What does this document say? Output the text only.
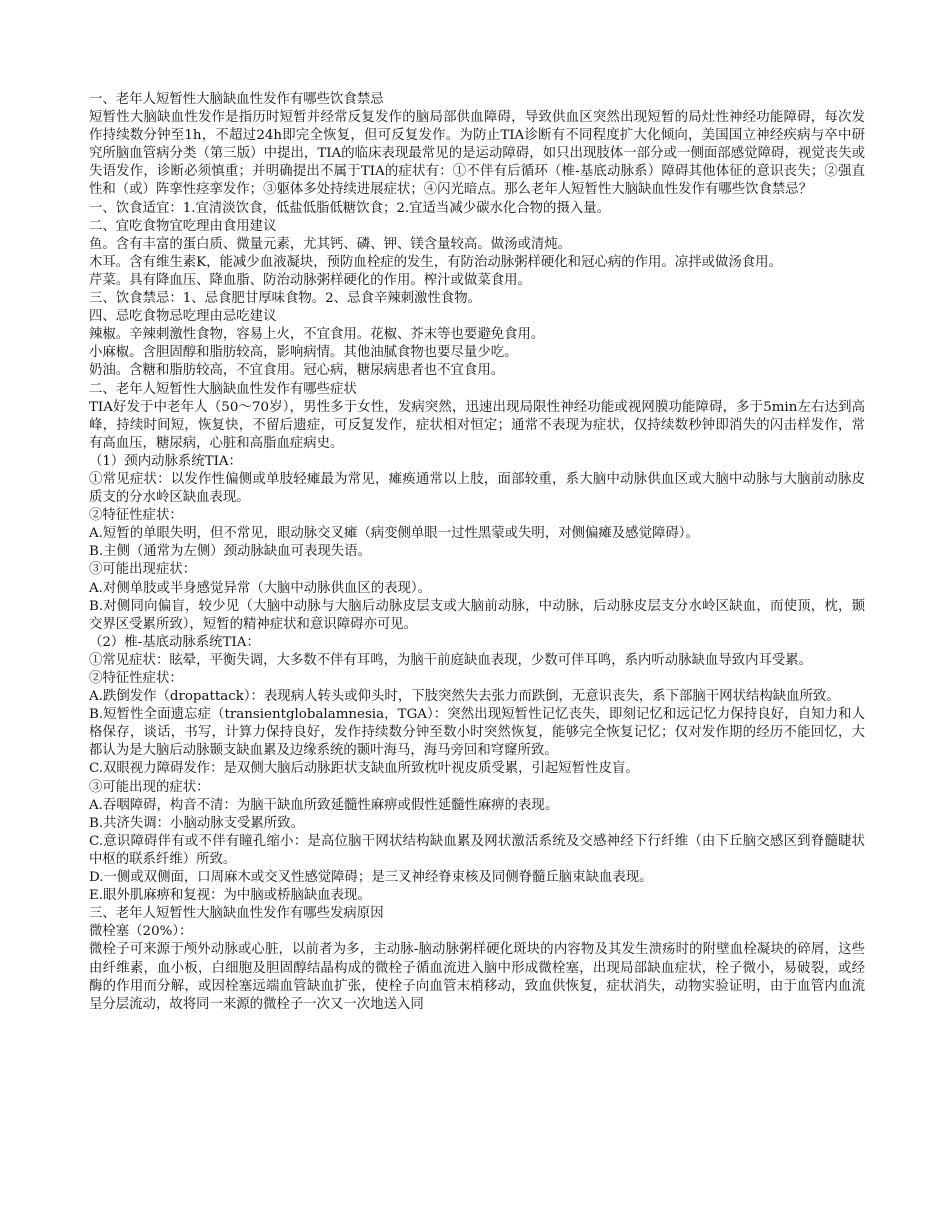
一、老年人短暂性大脑缺血性发作有哪些饮食禁忌

短暂性大脑缺血性发作是指历时短暂并经常反复发作的脑局部供血障碍，导致供血区突然出现短暂的局灶性神经功能障碍，每次发作持续数分钟至1h，不超过24h即完全恢复，但可反复发作。为防止TIA诊断有不同程度扩大化倾向，美国国立神经疾病与卒中研究所脑血管病分类（第三版）中提出，TIA的临床表现最常见的是运动障碍，如只出现肢体一部分或一侧面部感觉障碍，视觉丧失或失语发作，诊断必须慎重；并明确提出不属于TIA的症状有：①不伴有后循环（椎-基底动脉系）障碍其他体征的意识丧失；②强直性和（或）阵挛性痉挛发作；③躯体多处持续进展症状；④闪光暗点。那么老年人短暂性大脑缺血性发作有哪些饮食禁忌？

一、饮食适宜：1.宜清淡饮食，低盐低脂低糖饮食；2.宜适当减少碳水化合物的摄入量。

二、宜吃食物宜吃理由食用建议

鱼。含有丰富的蛋白质、微量元素，尤其钙、磷、钾、镁含量较高。做汤或清炖。

木耳。含有维生素K，能减少血液凝块，预防血栓症的发生，有防治动脉粥样硬化和冠心病的作用。凉拌或做汤食用。

芹菜。具有降血压、降血脂、防治动脉粥样硬化的作用。榨汁或做菜食用。

三、饮食禁忌：1、忌食肥甘厚味食物。2、忌食辛辣刺激性食物。

四、忌吃食物忌吃理由忌吃建议

辣椒。辛辣刺激性食物，容易上火，不宜食用。花椒、芥末等也要避免食用。

小麻椒。含胆固醇和脂肪较高，影响病情。其他油腻食物也要尽量少吃。

奶油。含糖和脂肪较高，不宜食用。冠心病，糖尿病患者也不宜食用。

二、老年人短暂性大脑缺血性发作有哪些症状

TIA好发于中老年人（50～70岁），男性多于女性，发病突然，迅速出现局限性神经功能或视网膜功能障碍，多于5min左右达到高峰，持续时间短，恢复快，不留后遗症，可反复发作，症状相对恒定；通常不表现为症状，仅持续数秒钟即消失的闪击样发作，常有高血压，糖尿病，心脏和高脂血症病史。

（1）颈内动脉系统TIA：

①常见症状：以发作性偏侧或单肢轻瘫最为常见，瘫痪通常以上肢，面部较重，系大脑中动脉供血区或大脑中动脉与大脑前动脉皮质支的分水岭区缺血表现。

②特征性症状：

A.短暂的单眼失明，但不常见，眼动脉交叉瘫（病变侧单眼一过性黑蒙或失明，对侧偏瘫及感觉障碍）。

B.主侧（通常为左侧）颈动脉缺血可表现失语。

③可能出现症状：

A.对侧单肢或半身感觉异常（大脑中动脉供血区的表现）。

B.对侧同向偏盲，较少见（大脑中动脉与大脑后动脉皮层支或大脑前动脉，中动脉，后动脉皮层支分水岭区缺血，而使顶，枕，颞交界区受累所致），短暂的精神症状和意识障碍亦可见。

（2）椎-基底动脉系统TIA：

①常见症状：眩晕，平衡失调，大多数不伴有耳鸣，为脑干前庭缺血表现，少数可伴耳鸣，系内听动脉缺血导致内耳受累。

②特征性症状：

A.跌倒发作（dropattack）：表现病人转头或仰头时，下肢突然失去张力而跌倒，无意识丧失，系下部脑干网状结构缺血所致。

B.短暂性全面遗忘症（transientglobalamnesia，TGA）：突然出现短暂性记忆丧失，即刻记忆和远记忆力保持良好，自知力和人格保存，谈话，书写，计算力保持良好，发作持续数分钟至数小时突然恢复，能够完全恢复记忆；仅对发作期的经历不能回忆，大都认为是大脑后动脉颞支缺血累及边缘系统的颞叶海马，海马旁回和穹窿所致。

C.双眼视力障碍发作：是双侧大脑后动脉距状支缺血所致枕叶视皮质受累，引起短暂性皮盲。

③可能出现的症状：

A.吞咽障碍，构音不清：为脑干缺血所致延髓性麻痹或假性延髓性麻痹的表现。

B.共济失调：小脑动脉支受累所致。

C.意识障碍伴有或不伴有瞳孔缩小：是高位脑干网状结构缺血累及网状激活系统及交感神经下行纤维（由下丘脑交感区到脊髓睫状中枢的联系纤维）所致。

D.一侧或双侧面，口周麻木或交叉性感觉障碍；是三叉神经脊束核及同侧脊髓丘脑束缺血表现。

E.眼外肌麻痹和复视：为中脑或桥脑缺血表现。

三、老年人短暂性大脑缺血性发作有哪些发病原因

微栓塞（20%）：

微栓子可来源于颅外动脉或心脏，以前者为多，主动脉-脑动脉粥样硬化斑块的内容物及其发生溃疡时的附壁血栓凝块的碎屑，这些由纤维素，血小板，白细胞及胆固醇结晶构成的微栓子循血流进入脑中形成微栓塞，出现局部缺血症状，栓子微小，易破裂，或经酶的作用而分解，或因栓塞远端血管缺血扩张，使栓子向血管末梢移动，致血供恢复，症状消失，动物实验证明，由于血管内血流呈分层流动，故将同一来源的微栓子一次又一次地送入同
